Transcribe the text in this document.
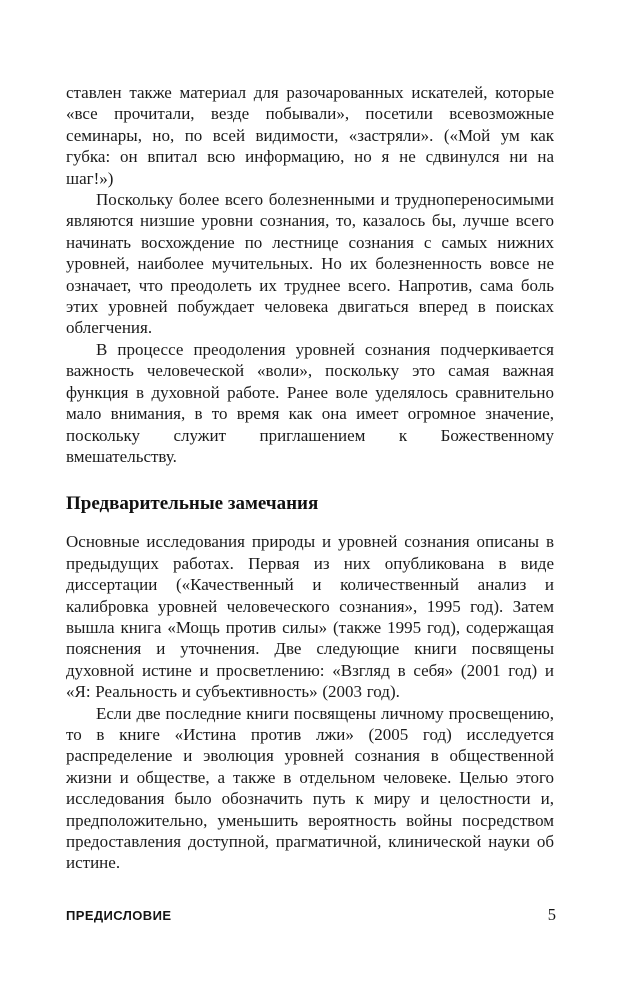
ставлен также материал для разочарованных искателей, которые «все прочитали, везде побывали», посетили всевозможные семинары, но, по всей видимости, «застряли». («Мой ум как губка: он впитал всю информацию, но я не сдвинулся ни на шаг!»)

Поскольку более всего болезненными и труднопереносимыми являются низшие уровни сознания, то, казалось бы, лучше всего начинать восхождение по лестнице сознания с самых нижних уровней, наиболее мучительных. Но их болезненность вовсе не означает, что преодолеть их труднее всего. Напротив, сама боль этих уровней побуждает человека двигаться вперед в поисках облегчения.

В процессе преодоления уровней сознания подчеркивается важность человеческой «воли», поскольку это самая важная функция в духовной работе. Ранее воле уделялось сравнительно мало внимания, в то время как она имеет огромное значение, поскольку служит приглашением к Божественному вмешательству.

Предварительные замечания

Основные исследования природы и уровней сознания описаны в предыдущих работах. Первая из них опубликована в виде диссертации («Качественный и количественный анализ и калибровка уровней человеческого сознания», 1995 год). Затем вышла книга «Мощь против силы» (также 1995 год), содержащая пояснения и уточнения. Две следующие книги посвящены духовной истине и просветлению: «Взгляд в себя» (2001 год) и «Я: Реальность и субъективность» (2003 год).

Если две последние книги посвящены личному просвещению, то в книге «Истина против лжи» (2005 год) исследуется распределение и эволюция уровней сознания в общественной жизни и обществе, а также в отдельном человеке. Целью этого исследования было обозначить путь к миру и целостности и, предположительно, уменьшить вероятность войны посредством предоставления доступной, прагматичной, клинической науки об истине.

ПРЕДИСЛОВИЕ	5
